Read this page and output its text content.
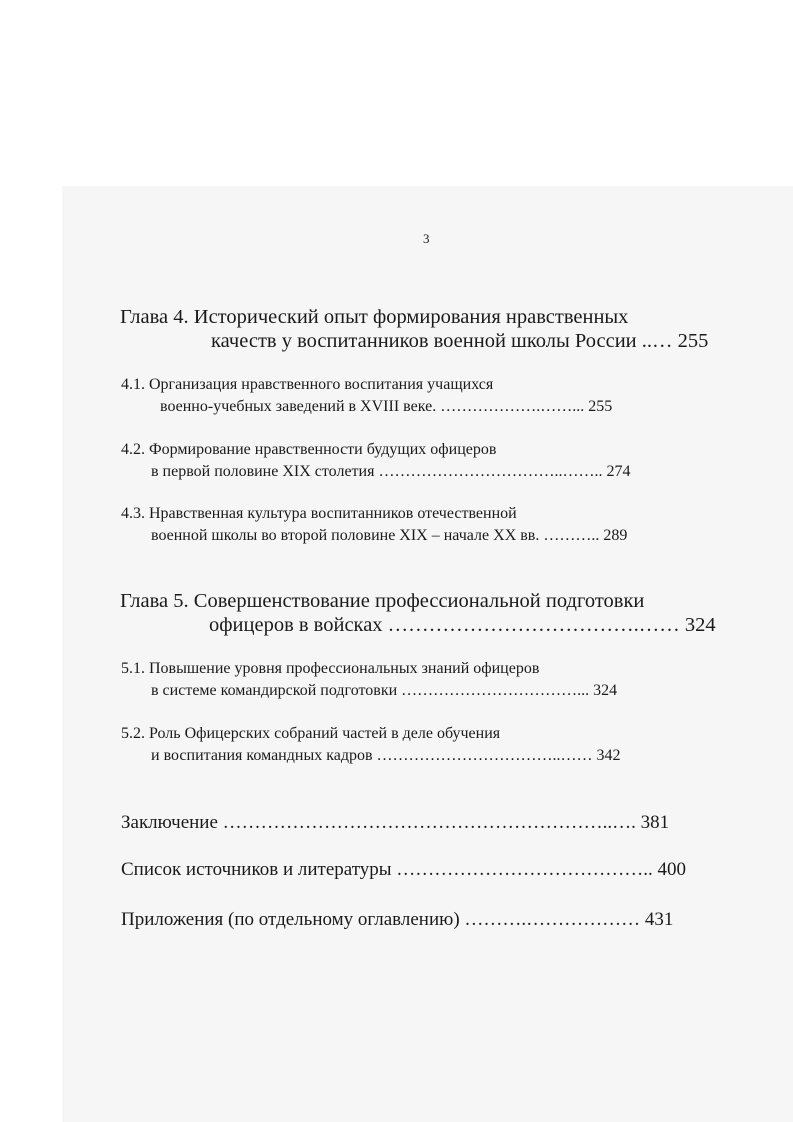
3
Глава 4. Исторический опыт формирования нравственных
качеств у воспитанников военной школы России ..… 255
4.1. Организация нравственного воспитания учащихся
военно-учебных заведений в XVIII веке. ……………….……... 255
4.2. Формирование нравственности будущих офицеров
в первой половине XIX столетия ……………………………..…….. 274
4.3. Нравственная культура воспитанников отечественной
военной школы во второй половине XIX – начале XX вв. ……….. 289
Глава 5. Совершенствование профессиональной подготовки
офицеров в войсках ……………………………….…… 324
5.1. Повышение уровня профессиональных знаний офицеров
в системе командирской подготовки ……………………………... 324
5.2. Роль Офицерских собраний частей в деле обучения
и воспитания командных кадров ……………………………..…… 342
Заключение ……………………………………………………..…. 381
Список источников и литературы ………………………………….. 400
Приложения (по отдельному оглавлению) ……….……………… 431
